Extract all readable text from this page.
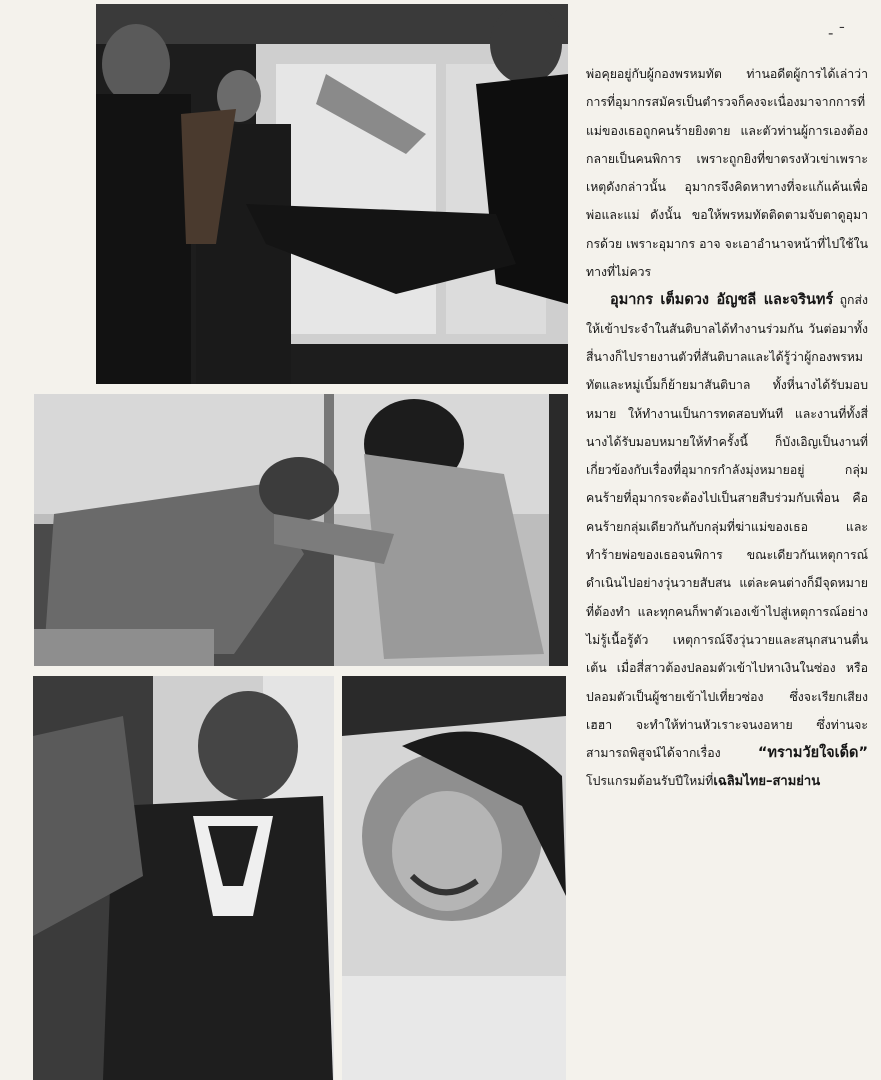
- ¯

พ่อคุยอยู่กับผู้กองพรหมทัต ท่านอดีตผู้การได้เล่าว่า การที่อุมากรสมัครเป็นตำรวจก็คงจะเนื่องมาจากการที่แม่ของเธอถูกคนร้ายยิงตาย และตัวท่านผู้การเองต้องกลายเป็นคนพิการ เพราะถูกยิงที่ขาตรงหัวเข่าเพราะเหตุดังกล่าวนั้น อุมากรจึงคิดหาทางที่จะแก้แค้นเพื่อพ่อและแม่ ดังนั้น ขอให้พรหมทัตติดตามจับตาดูอุมากรด้วย เพราะอุมากร อาจ จะเอาอำนาจหน้าที่ไปใช้ในทางที่ไม่ควร

อุมากร เต็มดวง อัญชลี และจรินทร์ ถูกส่งให้เข้าประจำในสันติบาลได้ทำงานร่วมกัน วันต่อมาทั้งสี่นางก็ไปรายงานตัวที่สันติบาลและได้รู้ว่าผู้กองพรหมทัตและหมู่เบิ้มก็ย้ายมาสันติบาล ทั้งหี่นางได้รับมอบหมาย ให้ทำงานเป็นการทดสอบทันที และงานที่ทั้งสี่นางได้รับมอบหมายให้ทำครั้งนี้ ก็บังเอิญเป็นงานที่เกี่ยวข้องกับเรื่องที่อุมากรกำลังมุ่งหมายอยู่ กลุ่มคนร้ายที่อุมากรจะต้องไปเป็นสายสืบร่วมกับเพื่อน คือ คนร้ายกลุ่มเดียวกันกับกลุ่มที่ฆ่าแม่ของเธอ และทำร้ายพ่อของเธอจนพิการ ขณะเดียวกันเหตุการณ์ดำเนินไปอย่างวุ่นวายสับสน แต่ละคนต่างก็มีจุดหมายที่ต้องทำ และทุกคนก็พาตัวเองเข้าไปสู่เหตุการณ์อย่างไม่รู้เนื้อรู้ตัว เหตุการณ์จึงวุ่นวายและสนุกสนานตื่นเต้น เมื่อสี่สาวต้องปลอมตัวเข้าไปหาเงินในซ่อง หรือปลอมตัวเป็นผู้ชายเข้าไปเที่ยวซ่อง ซึ่งจะเรียกเสียงเฮฮา จะทำให้ท่านหัวเราะจนงอหาย ซึ่งท่านจะสามารถพิสูจน์ได้จากเรื่อง “ทรามวัยใจเด็ด” โปรแกรมต้อนรับปีใหม่ที่เฉลิมไทย–สามย่าน
